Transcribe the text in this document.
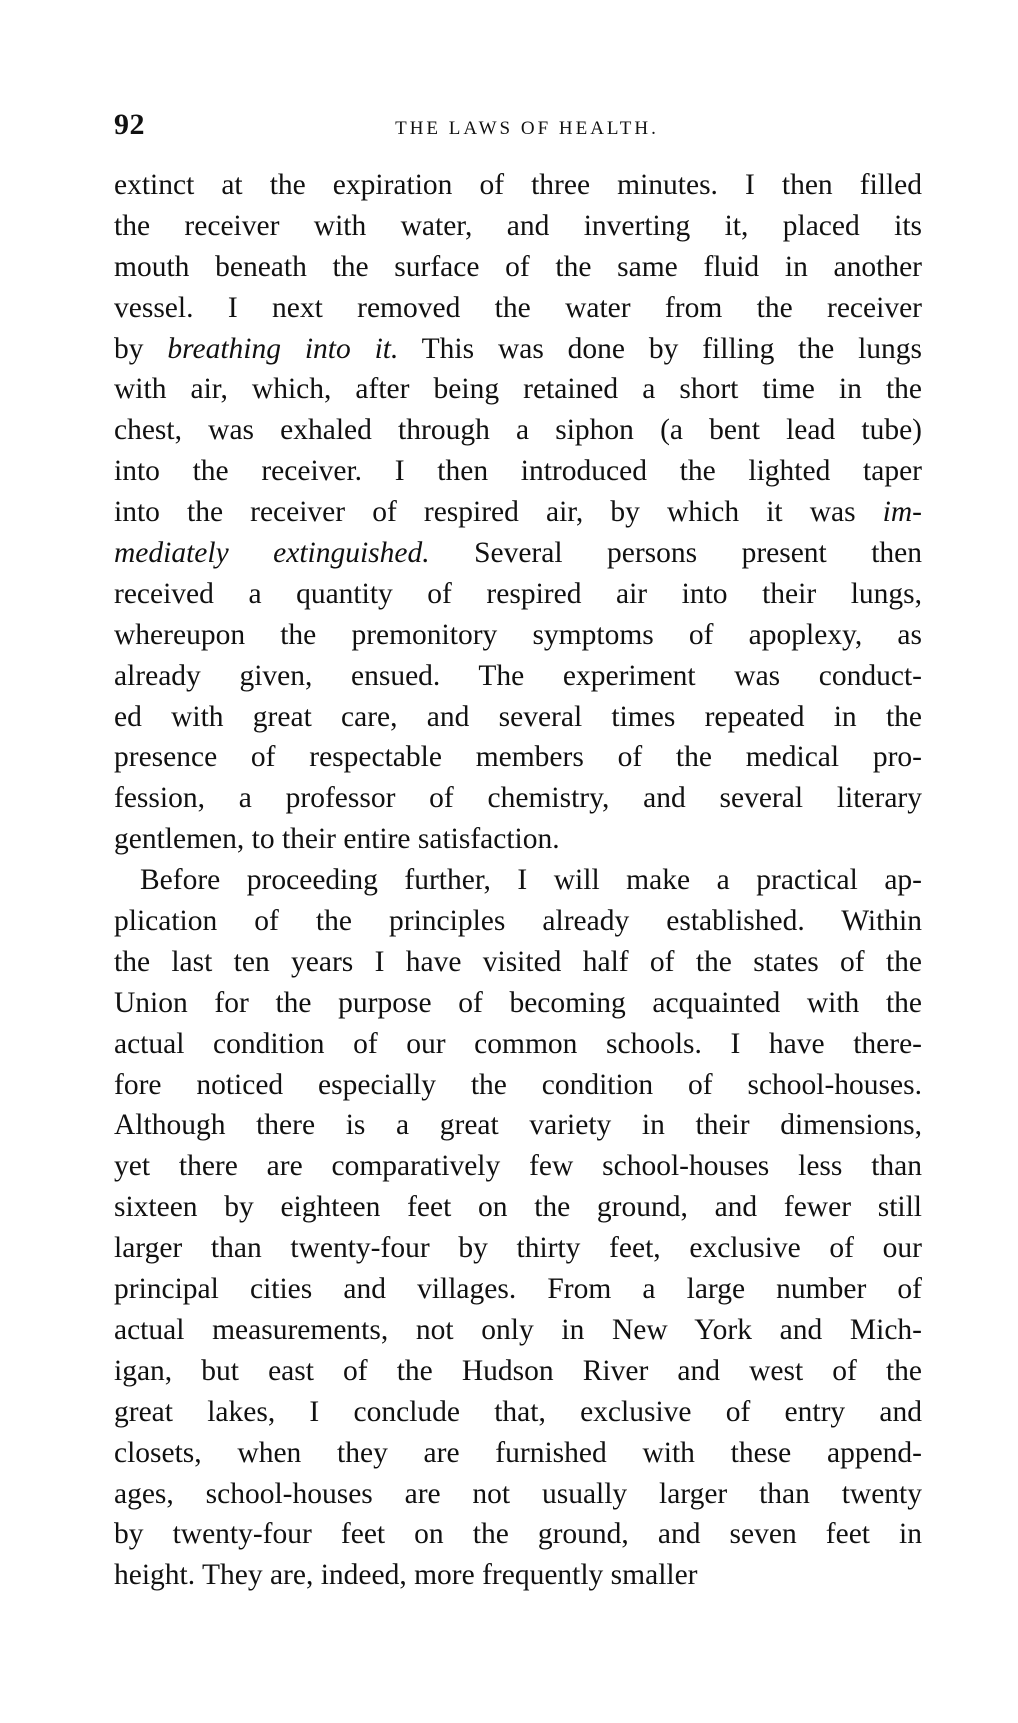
92	THE LAWS OF HEALTH.
extinct at the expiration of three minutes. I then filled
the receiver with water, and inverting it, placed its
mouth beneath the surface of the same fluid in another
vessel. I next removed the water from the receiver
by breathing into it. This was done by filling the lungs
with air, which, after being retained a short time in the
chest, was exhaled through a siphon (a bent lead tube)
into the receiver. I then introduced the lighted taper
into the receiver of respired air, by which it was im-
mediately extinguished. Several persons present then
received a quantity of respired air into their lungs,
whereupon the premonitory symptoms of apoplexy, as
already given, ensued. The experiment was conduct-
ed with great care, and several times repeated in the
presence of respectable members of the medical pro-
fession, a professor of chemistry, and several literary
gentlemen, to their entire satisfaction.
Before proceeding further, I will make a practical ap-
plication of the principles already established. Within
the last ten years I have visited half of the states of the
Union for the purpose of becoming acquainted with the
actual condition of our common schools. I have there-
fore noticed especially the condition of school-houses.
Although there is a great variety in their dimensions,
yet there are comparatively few school-houses less than
sixteen by eighteen feet on the ground, and fewer still
larger than twenty-four by thirty feet, exclusive of our
principal cities and villages. From a large number of
actual measurements, not only in New York and Mich-
igan, but east of the Hudson River and west of the
great lakes, I conclude that, exclusive of entry and
closets, when they are furnished with these append-
ages, school-houses are not usually larger than twenty
by twenty-four feet on the ground, and seven feet in
height. They are, indeed, more frequently smaller
